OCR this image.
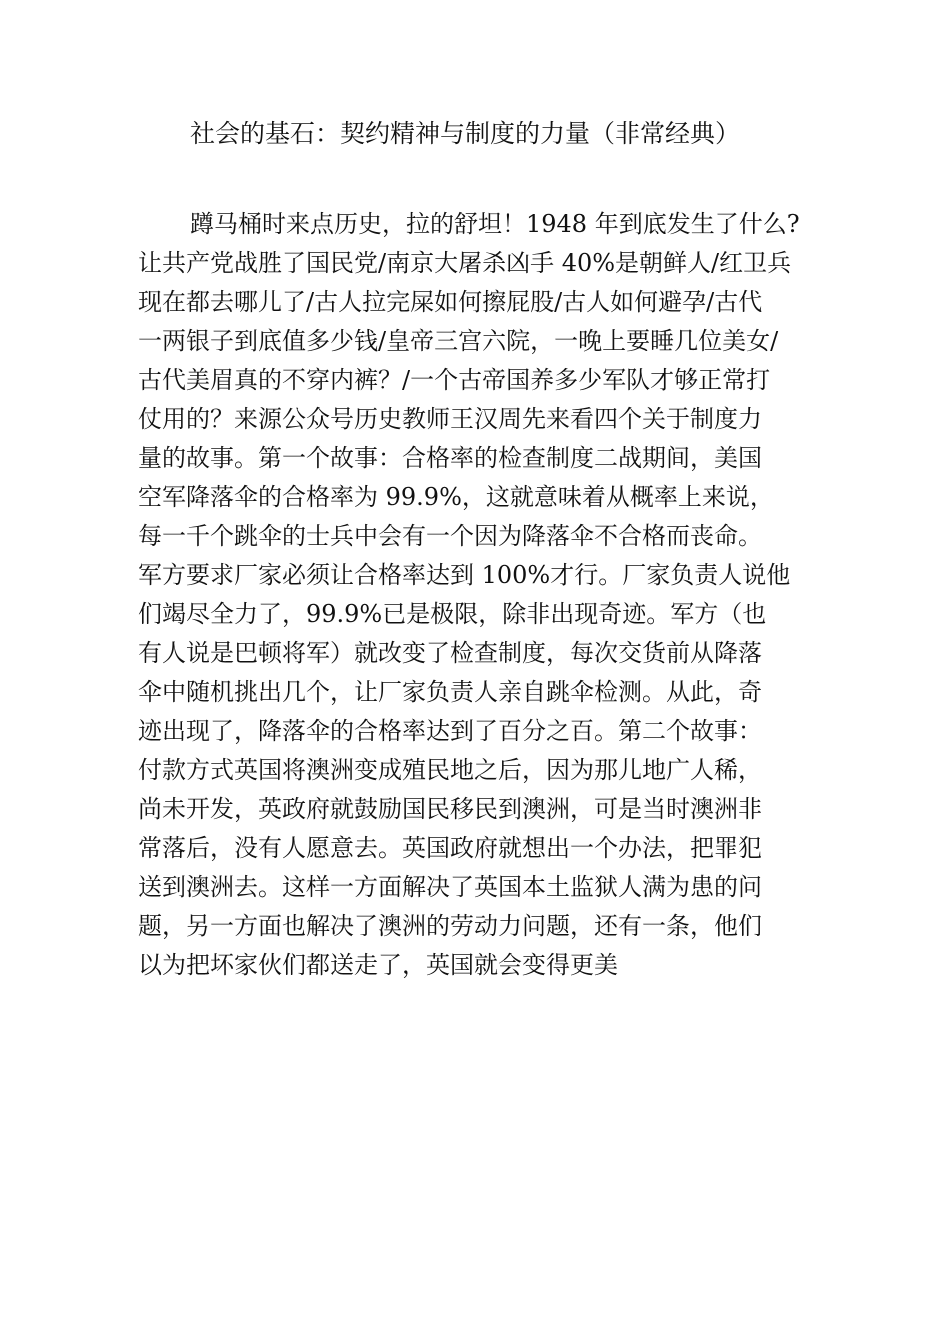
社会的基石：契约精神与制度的力量（非常经典）
蹲马桶时来点历史，拉的舒坦！1948 年到底发生了什么?
让共产党战胜了国民党/南京大屠杀凶手 40%是朝鲜人/红卫兵
现在都去哪儿了/古人拉完屎如何擦屁股/古人如何避孕/古代
一两银子到底值多少钱/皇帝三宫六院，一晚上要睡几位美女/
古代美眉真的不穿内裤？/一个古帝国养多少军队才够正常打
仗用的？来源公众号历史教师王汉周先来看四个关于制度力
量的故事。第一个故事：合格率的检查制度二战期间，美国
空军降落伞的合格率为 99.9%，这就意味着从概率上来说，
每一千个跳伞的士兵中会有一个因为降落伞不合格而丧命。
军方要求厂家必须让合格率达到 100%才行。厂家负责人说他
们竭尽全力了，99.9%已是极限，除非出现奇迹。军方（也
有人说是巴顿将军）就改变了检查制度，每次交货前从降落
伞中随机挑出几个，让厂家负责人亲自跳伞检测。从此，奇
迹出现了，降落伞的合格率达到了百分之百。第二个故事：
付款方式英国将澳洲变成殖民地之后，因为那儿地广人稀，
尚未开发，英政府就鼓励国民移民到澳洲，可是当时澳洲非
常落后，没有人愿意去。英国政府就想出一个办法，把罪犯
送到澳洲去。这样一方面解决了英国本土监狱人满为患的问
题，另一方面也解决了澳洲的劳动力问题，还有一条，他们
以为把坏家伙们都送走了，英国就会变得更美
